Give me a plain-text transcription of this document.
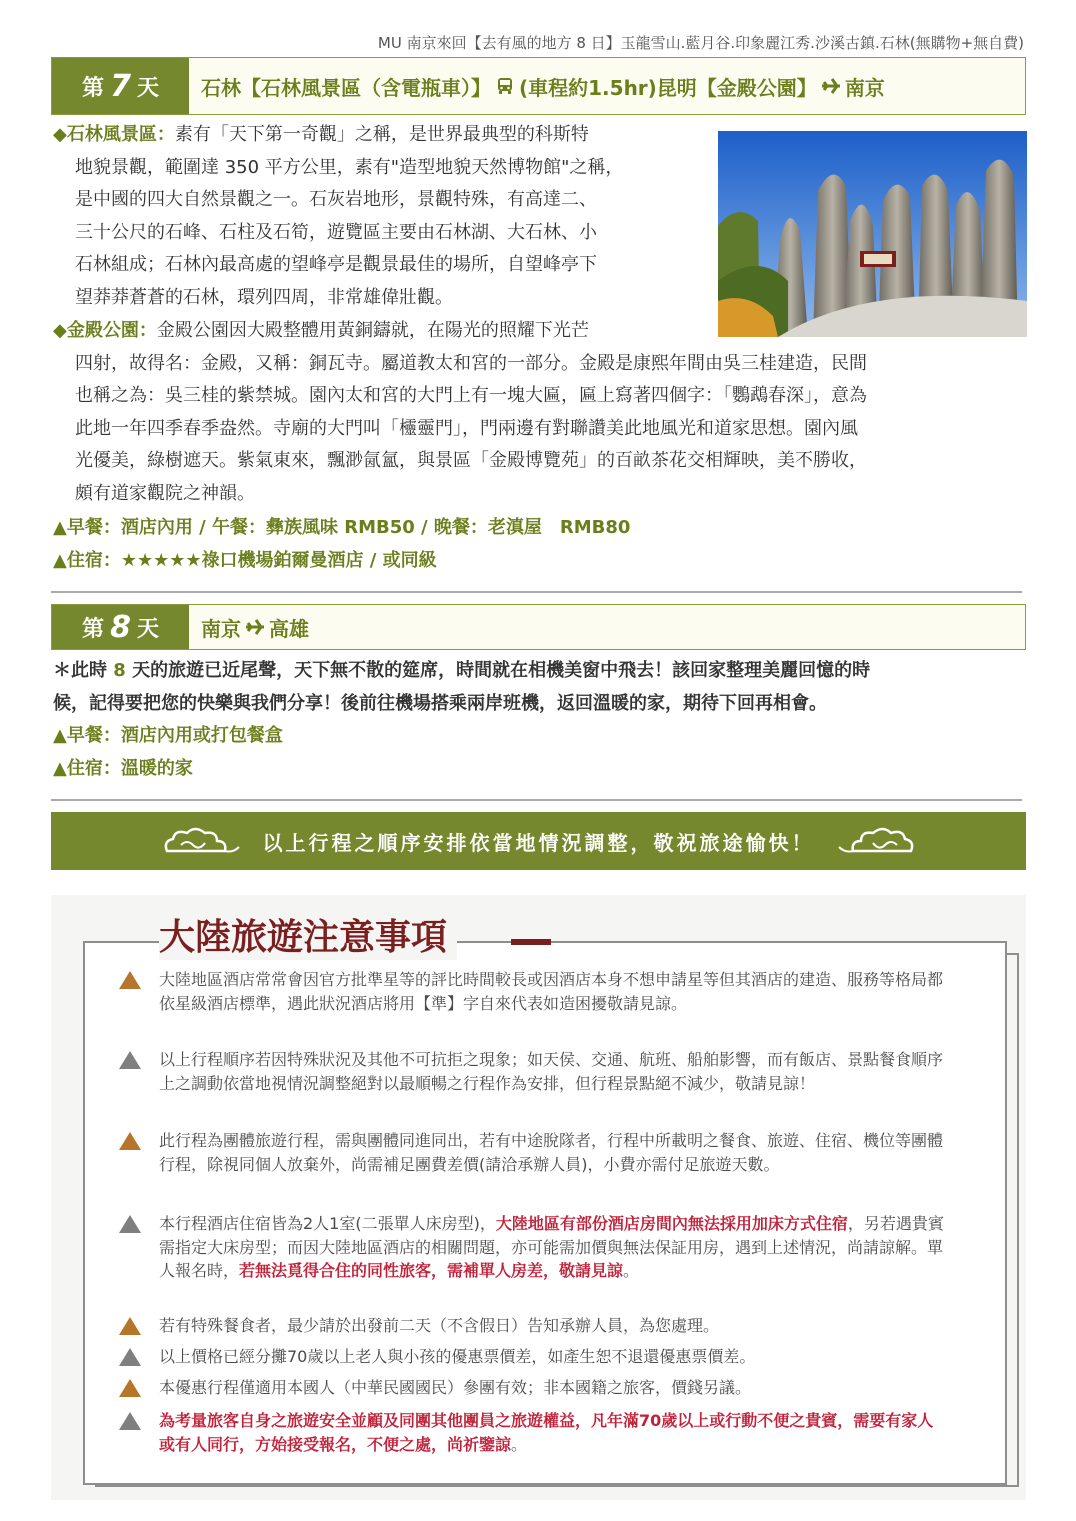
MU 南京來回【去有風的地方 8 日】玉龍雪山.藍月谷.印象麗江秀.沙溪古鎮.石林(無購物+無自費)
第 7 天 石林【石林風景區（含電瓶車）】 (車程約1.5hr)昆明【金殿公園】 南京
◆石林風景區：素有「天下第一奇觀」之稱，是世界最典型的科斯特
地貌景觀，範圍達 350 平方公里，素有"造型地貌天然博物館"之稱，
是中國的四大自然景觀之一。石灰岩地形，景觀特殊，有高達二、
三十公尺的石峰、石柱及石筍，遊覽區主要由石林湖、大石林、小
石林組成；石林內最高處的望峰亭是觀景最佳的場所，自望峰亭下
望莽莽蒼蒼的石林，環列四周，非常雄偉壯觀。
◆金殿公園：金殿公園因大殿整體用黃銅鑄就，在陽光的照耀下光芒
四射，故得名：金殿，又稱：銅瓦寺。屬道教太和宮的一部分。金殿是康熙年間由吳三桂建造，民間
也稱之為：吳三桂的紫禁城。園內太和宮的大門上有一塊大匾，匾上寫著四個字：「鸚鵡春深」，意為
此地一年四季春季盎然。寺廟的大門叫「欞靈門」，門兩邊有對聯讚美此地風光和道家思想。園內風
光優美，綠樹遮天。紫氣東來，飄渺氤氳，與景區「金殿博覽苑」的百畝茶花交相輝映，美不勝收，
頗有道家觀院之神韻。
▲早餐：酒店內用 / 午餐：彝族風味 RMB50 / 晚餐：老滇屋　RMB80
▲住宿：★★★★★祿口機場鉑爾曼酒店 / 或同級
第 8 天 南京 高雄
＊此時 8 天的旅遊已近尾聲，天下無不散的筵席，時間就在相機美窗中飛去！該回家整理美麗回憶的時
候，記得要把您的快樂與我們分享！後前往機場搭乘兩岸班機，返回溫暖的家，期待下回再相會。
▲早餐：酒店內用或打包餐盒
▲住宿：溫暖的家
以上行程之順序安排依當地情況調整，敬祝旅途愉快！
大陸旅遊注意事項
大陸地區酒店常常會因官方批準星等的評比時間較長或因酒店本身不想申請星等但其酒店的建造、服務等格局都依星級酒店標準，遇此狀況酒店將用【準】字自來代表如造困擾敬請見諒。
以上行程順序若因特殊狀況及其他不可抗拒之現象；如天侯、交通、航班、船舶影響，而有飯店、景點餐食順序上之調動依當地視情況調整絕對以最順暢之行程作為安排，但行程景點絕不減少，敬請見諒！
此行程為團體旅遊行程，需與團體同進同出，若有中途脫隊者，行程中所載明之餐食、旅遊、住宿、機位等團體行程，除視同個人放棄外，尚需補足團費差價(請洽承辦人員)，小費亦需付足旅遊天數。
本行程酒店住宿皆為2人1室(二張單人床房型)，大陸地區有部份酒店房間內無法採用加床方式住宿，另若遇貴賓需指定大床房型；而因大陸地區酒店的相關問題，亦可能需加價與無法保証用房，遇到上述情況，尚請諒解。單人報名時，若無法覓得合住的同性旅客，需補單人房差，敬請見諒。
若有特殊餐食者，最少請於出發前二天（不含假日）告知承辦人員，為您處理。
以上價格已經分攤70歲以上老人與小孩的優惠票價差，如產生恕不退還優惠票價差。
本優惠行程僅適用本國人（中華民國國民）參團有效；非本國籍之旅客，價錢另議。
為考量旅客自身之旅遊安全並顧及同團其他團員之旅遊權益，凡年滿70歲以上或行動不便之貴賓，需要有家人或有人同行，方始接受報名，不便之處，尚祈鑒諒。
